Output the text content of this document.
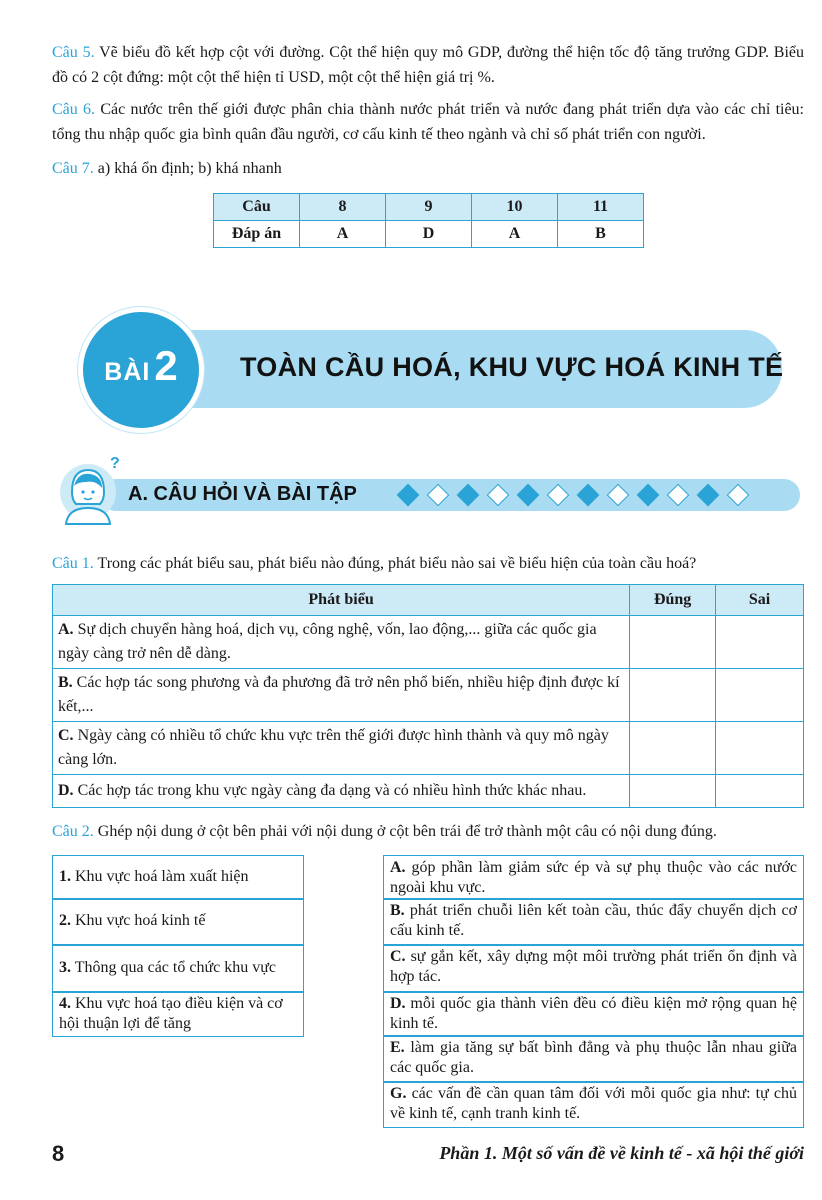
Câu 5. Vẽ biểu đồ kết hợp cột với đường. Cột thể hiện quy mô GDP, đường thể hiện tốc độ tăng trưởng GDP. Biểu đồ có 2 cột đứng: một cột thể hiện tỉ USD, một cột thể hiện giá trị %.

Câu 6. Các nước trên thế giới được phân chia thành nước phát triển và nước đang phát triển dựa vào các chỉ tiêu: tổng thu nhập quốc gia bình quân đầu người, cơ cấu kinh tế theo ngành và chỉ số phát triển con người.

Câu 7. a) khá ổn định; b) khá nhanh

Câu	8	9	10	11
Đáp án	A	D	A	B
BÀI2	TOÀN CẦU HOÁ, KHU VỰC HOÁ KINH TẾ
?
A. CÂU HỎI VÀ BÀI TẬP

Câu 1. Trong các phát biểu sau, phát biểu nào đúng, phát biểu nào sai về biểu hiện của toàn cầu hoá?

Phát biểu	Đúng	Sai
A. Sự dịch chuyển hàng hoá, dịch vụ, công nghệ, vốn, lao động,... giữa các quốc gia ngày càng trở nên dễ dàng.		
B. Các hợp tác song phương và đa phương đã trở nên phổ biến, nhiều hiệp định được kí kết,...		
C. Ngày càng có nhiều tổ chức khu vực trên thế giới được hình thành và quy mô ngày càng lớn.		
D. Các hợp tác trong khu vực ngày càng đa dạng và có nhiều hình thức khác nhau.		

Câu 2. Ghép nội dung ở cột bên phải với nội dung ở cột bên trái để trở thành một câu có nội dung đúng.

1. Khu vực hoá làm xuất hiện
2. Khu vực hoá kinh tế
3. Thông qua các tổ chức khu vực
4. Khu vực hoá tạo điều kiện và cơ hội thuận lợi để tăng
A. góp phần làm giảm sức ép và sự phụ thuộc vào các nước ngoài khu vực.
B. phát triển chuỗi liên kết toàn cầu, thúc đẩy chuyển dịch cơ cấu kinh tế.
C. sự gắn kết, xây dựng một môi trường phát triển ổn định và hợp tác.
D. mỗi quốc gia thành viên đều có điều kiện mở rộng quan hệ kinh tế.
E. làm gia tăng sự bất bình đẳng và phụ thuộc lẫn nhau giữa các quốc gia.
G. các vấn đề cần quan tâm đối với mỗi quốc gia như: tự chủ về kinh tế, cạnh tranh kinh tế.
8	Phần 1. Một số vấn đề về kinh tế - xã hội thế giới
